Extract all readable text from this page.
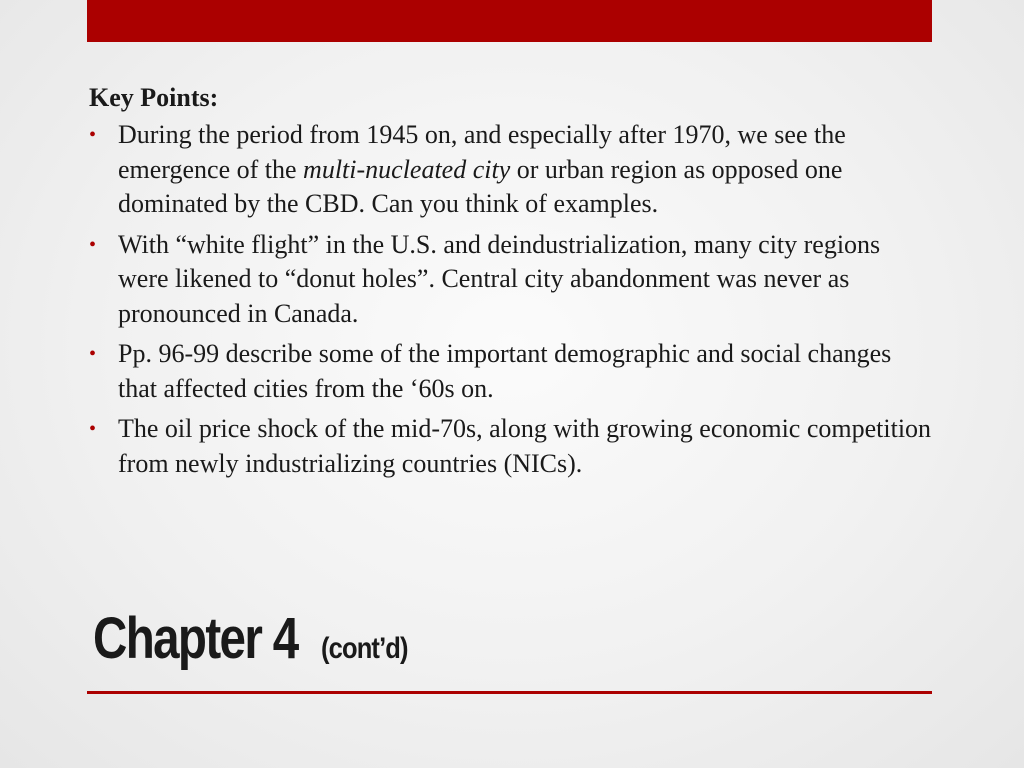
Key Points:
• During the period from 1945 on, and especially after 1970, we see the emergence of the multi-nucleated city or urban region as opposed one dominated by the CBD. Can you think of examples.
• With “white flight” in the U.S. and deindustrialization, many city regions were likened to “donut holes”. Central city abandonment was never as pronounced in Canada.
• Pp. 96-99 describe some of the important demographic and social changes that affected cities from the ‘60s on.
• The oil price shock of the mid-70s, along with growing economic competition from newly industrializing countries (NICs).
Chapter 4 (cont’d)
